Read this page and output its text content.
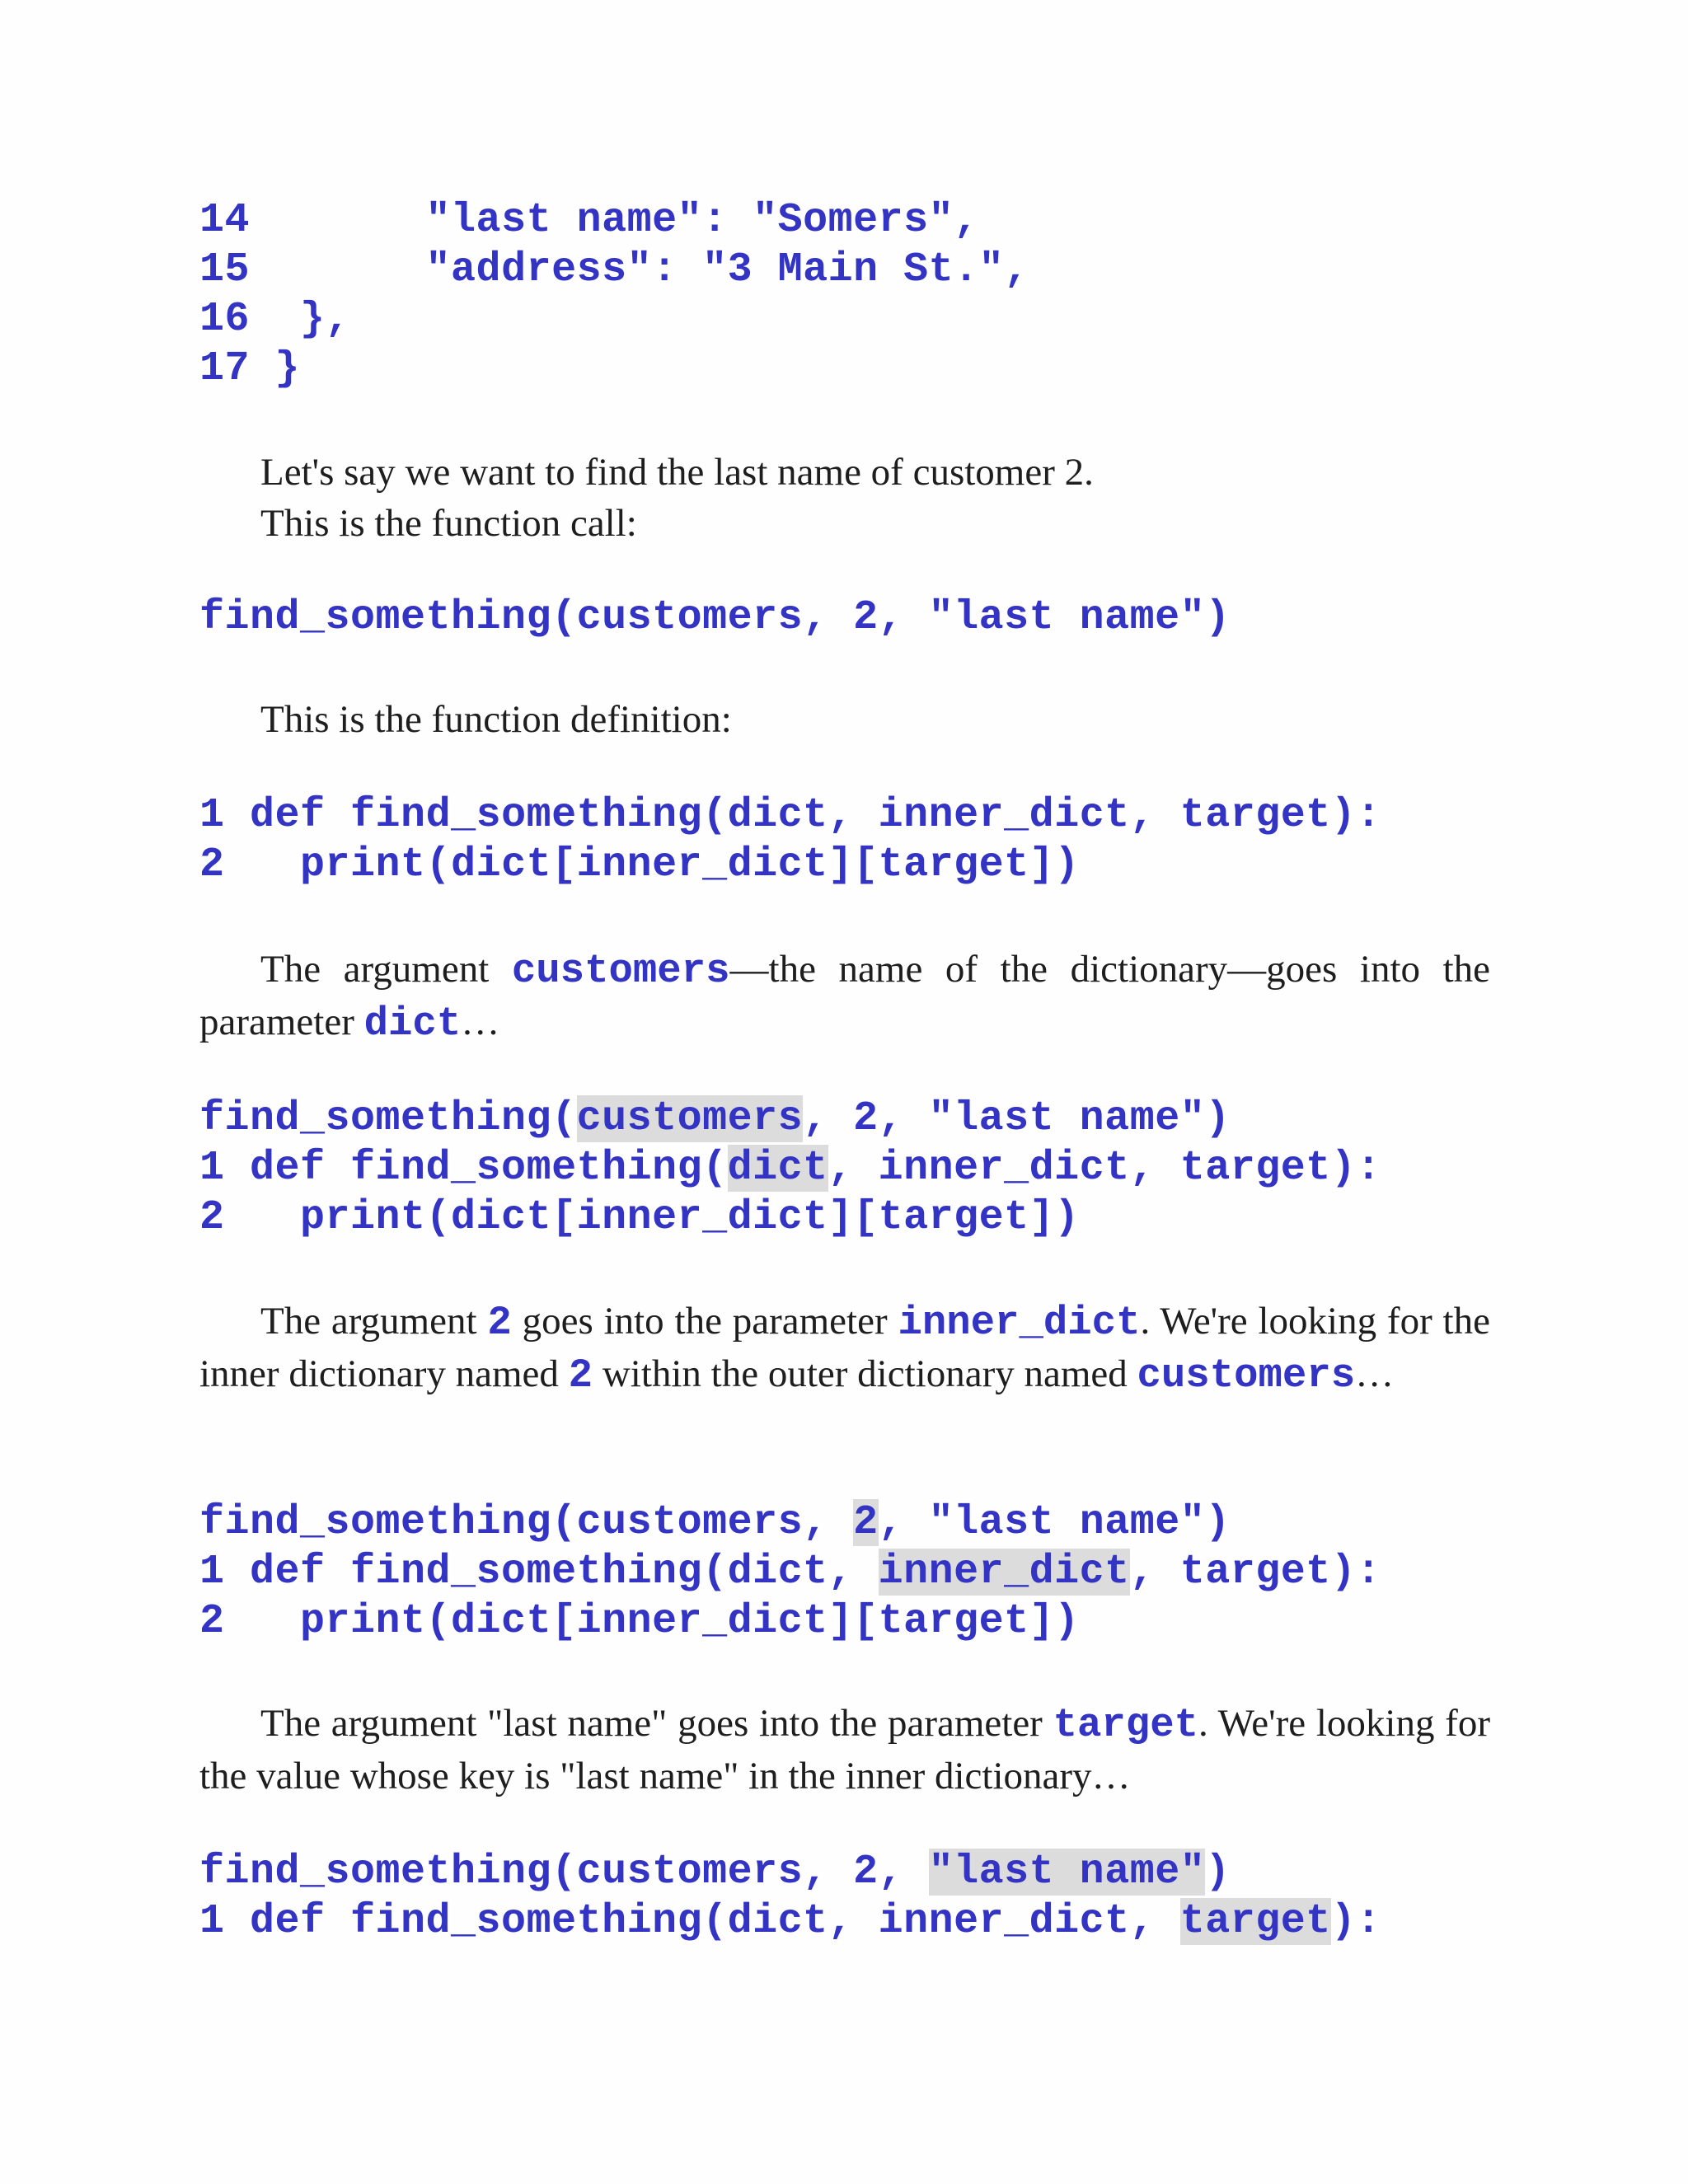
14       "last name": "Somers",
15       "address": "3 Main St.",
16  },
17 }

Let's say we want to find the last name of customer 2.
This is the function call:

find_something(customers, 2, "last name")

This is the function definition:

1 def find_something(dict, inner_dict, target):
2   print(dict[inner_dict][target])

The argument customers—the name of the dictionary—goes into the parameter dict…

find_something(customers, 2, "last name")
1 def find_something(dict, inner_dict, target):
2   print(dict[inner_dict][target])

The argument 2 goes into the parameter inner_dict. We're looking for the inner dictionary named 2 within the outer dictionary named customers…

find_something(customers, 2, "last name")
1 def find_something(dict, inner_dict, target):
2   print(dict[inner_dict][target])

The argument "last name" goes into the parameter target. We're looking for the value whose key is "last name" in the inner dictionary…

find_something(customers, 2, "last name")
1 def find_something(dict, inner_dict, target):
